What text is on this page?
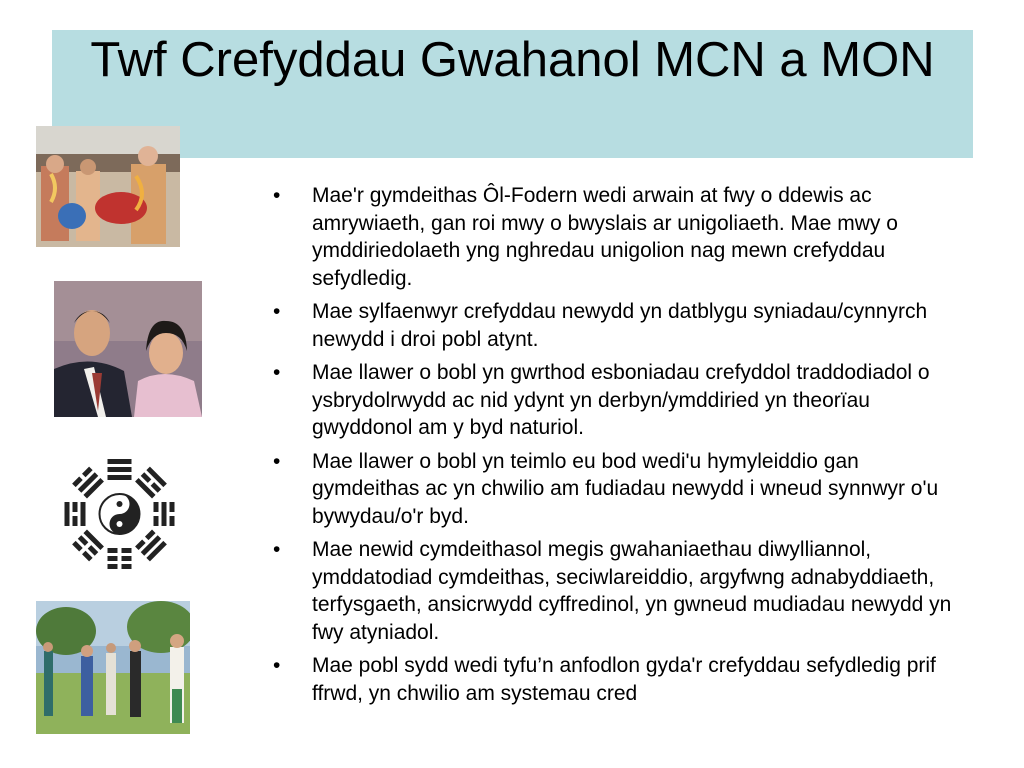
Twf Crefyddau Gwahanol MCN a MON
• Mae'r gymdeithas Ôl-Fodern wedi arwain at fwy o ddewis ac amrywiaeth, gan roi mwy o bwyslais ar unigoliaeth. Mae mwy o ymddiriedolaeth yng nghredau unigolion nag mewn crefyddau sefydledig.
• Mae sylfaenwyr crefyddau newydd yn datblygu syniadau/cynnyrch newydd i droi pobl atynt.
• Mae llawer o bobl yn gwrthod esboniadau crefyddol traddodiadol o ysbrydolrwydd ac nid ydynt yn derbyn/ymddiried yn theorïau gwyddonol am y byd naturiol.
• Mae llawer o bobl yn teimlo eu bod wedi'u hymyleiddio gan gymdeithas ac yn chwilio am fudiadau newydd i wneud synnwyr o'u bywydau/o'r byd.
• Mae newid cymdeithasol megis gwahaniaethau diwylliannol, ymddatodiad cymdeithas, seciwlareiddio, argyfwng adnabyddiaeth, terfysgaeth, ansicrwydd cyffredinol, yn gwneud mudiadau newydd yn fwy atyniadol.
• Mae pobl sydd wedi tyfu’n anfodlon gyda'r crefyddau sefydledig prif ffrwd, yn chwilio am systemau cred
